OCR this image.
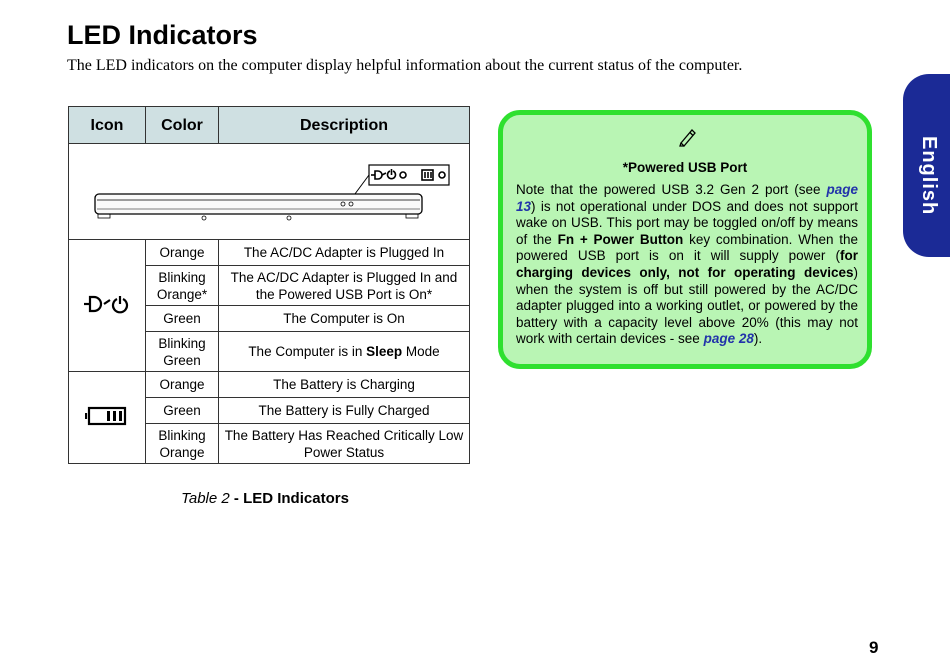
LED Indicators
The LED indicators on the computer display helpful information about the current status of the computer.
Icon	Color	Description

	Orange	The AC/DC Adapter is Plugged In
	Blinking Orange*	The AC/DC Adapter is Plugged In and the Powered USB Port is On*
	Green	The Computer is On
	Blinking Green	The Computer is in Sleep Mode
	Orange	The Battery is Charging
	Green	The Battery is Fully Charged
	Blinking Orange	The Battery Has Reached Critically Low Power Status
Table 2 - LED Indicators
*Powered USB Port
Note that the powered USB 3.2 Gen 2 port (see page 13) is not operational under DOS and does not support wake on USB. This port may be toggled on/off by means of the Fn + Power Button key combination. When the powered USB port is on it will supply power (for charging devices only, not for operating devices) when the system is off but still powered by the AC/DC adapter plugged into a working outlet, or powered by the battery with a capacity level above 20% (this may not work with certain devices - see page 28).
English
9
